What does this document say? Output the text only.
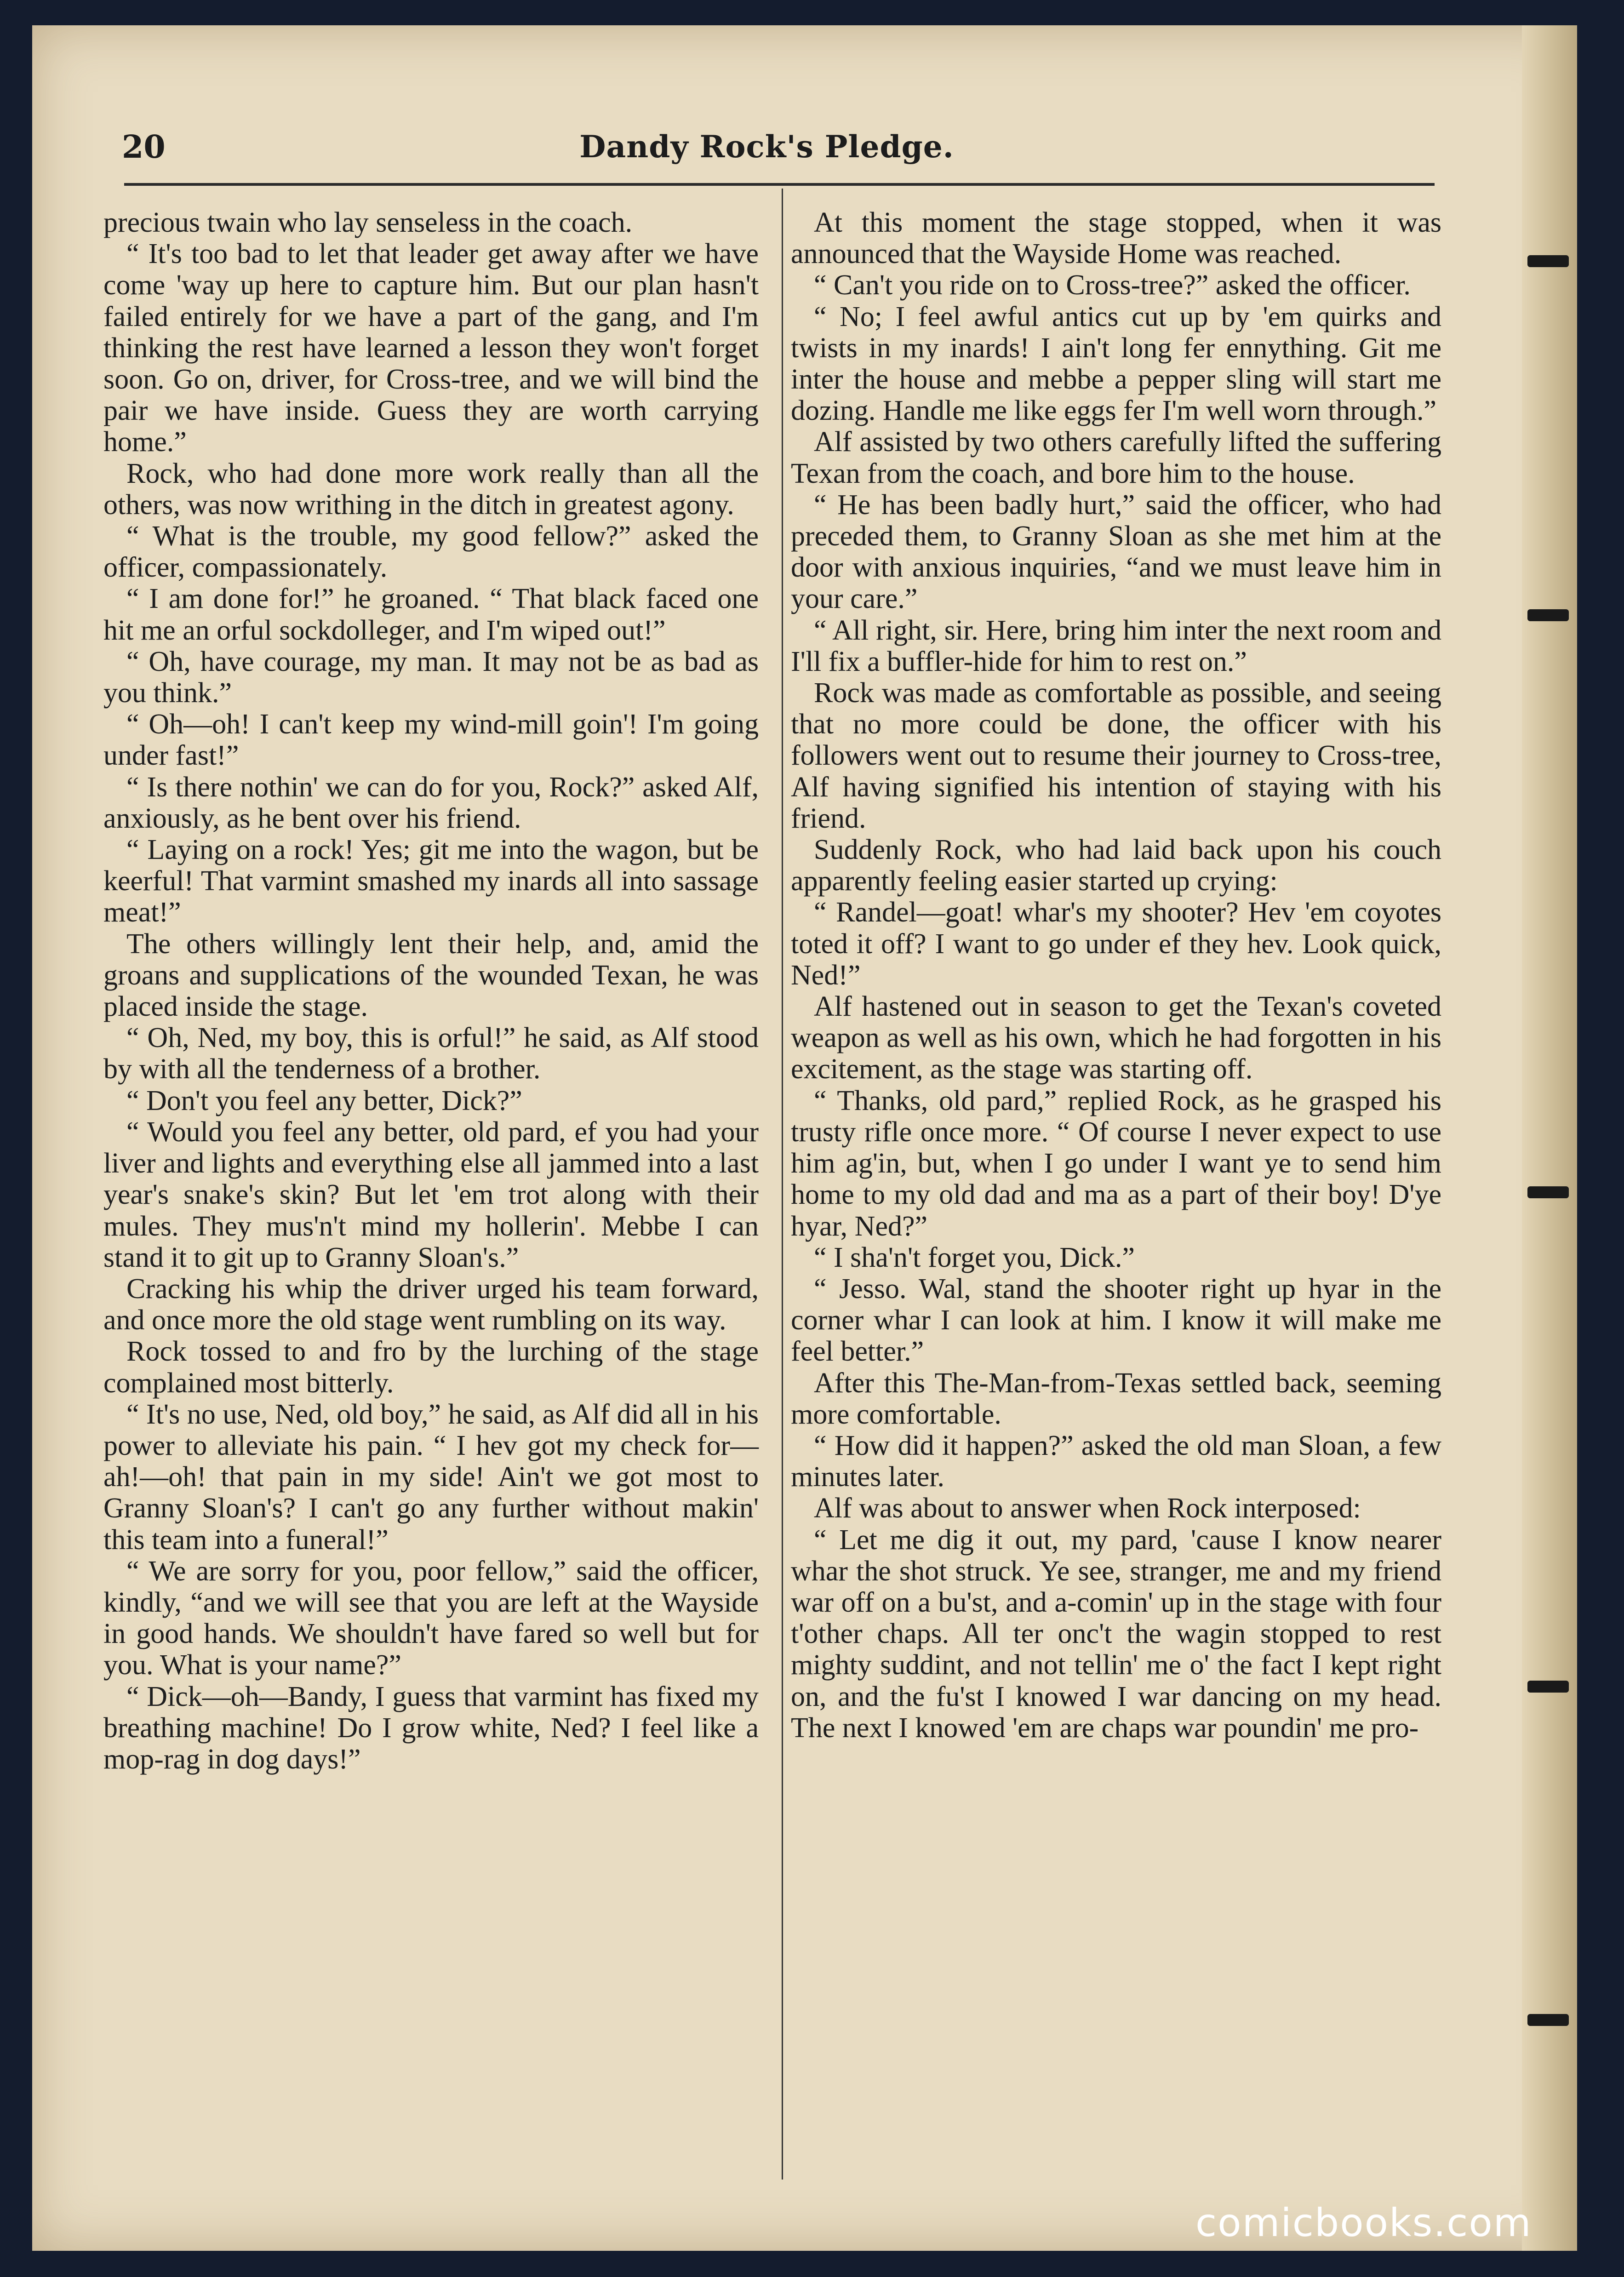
20	Dandy Rock's Pledge.

precious twain who lay senseless in the coach.

“ It's too bad to let that leader get away after we have come 'way up here to capture him. But our plan hasn't failed entirely for we have a part of the gang, and I'm thinking the rest have learned a lesson they won't forget soon. Go on, driver, for Cross-tree, and we will bind the pair we have inside. Guess they are worth carrying home.”

Rock, who had done more work really than all the others, was now writhing in the ditch in greatest agony.

“ What is the trouble, my good fellow?” asked the officer, compassionately.

“ I am done for!” he groaned. “ That black faced one hit me an orful sockdolleger, and I'm wiped out!”

“ Oh, have courage, my man. It may not be as bad as you think.”

“ Oh—oh! I can't keep my wind-mill goin'! I'm going under fast!”

“ Is there nothin' we can do for you, Rock?” asked Alf, anxiously, as he bent over his friend.

“ Laying on a rock! Yes; git me into the wagon, but be keerful! That varmint smashed my inards all into sassage meat!”

The others willingly lent their help, and, amid the groans and supplications of the wounded Texan, he was placed inside the stage.

“ Oh, Ned, my boy, this is orful!” he said, as Alf stood by with all the tenderness of a brother.

“ Don't you feel any better, Dick?”

“ Would you feel any better, old pard, ef you had your liver and lights and everything else all jammed into a last year's snake's skin? But let 'em trot along with their mules. They mus'n't mind my hollerin'. Mebbe I can stand it to git up to Granny Sloan's.”

Cracking his whip the driver urged his team forward, and once more the old stage went rumbling on its way.

Rock tossed to and fro by the lurching of the stage complained most bitterly.

“ It's no use, Ned, old boy,” he said, as Alf did all in his power to alleviate his pain. “ I hev got my check for—ah!—oh! that pain in my side! Ain't we got most to Granny Sloan's? I can't go any further without makin' this team into a funeral!”

“ We are sorry for you, poor fellow,” said the officer, kindly, “and we will see that you are left at the Wayside in good hands. We shouldn't have fared so well but for you. What is your name?”

“ Dick—oh—Bandy, I guess that varmint has fixed my breathing machine! Do I grow white, Ned? I feel like a mop-rag in dog days!”

At this moment the stage stopped, when it was announced that the Wayside Home was reached.

“ Can't you ride on to Cross-tree?” asked the officer.

“ No; I feel awful antics cut up by 'em quirks and twists in my inards! I ain't long fer ennything. Git me inter the house and mebbe a pepper sling will start me dozing. Handle me like eggs fer I'm well worn through.”

Alf assisted by two others carefully lifted the suffering Texan from the coach, and bore him to the house.

“ He has been badly hurt,” said the officer, who had preceded them, to Granny Sloan as she met him at the door with anxious inquiries, “and we must leave him in your care.”

“ All right, sir. Here, bring him inter the next room and I'll fix a buffler-hide for him to rest on.”

Rock was made as comfortable as possible, and seeing that no more could be done, the officer with his followers went out to resume their journey to Cross-tree, Alf having signified his intention of staying with his friend.

Suddenly Rock, who had laid back upon his couch apparently feeling easier started up crying:

“ Randel—goat! whar's my shooter? Hev 'em coyotes toted it off? I want to go under ef they hev. Look quick, Ned!”

Alf hastened out in season to get the Texan's coveted weapon as well as his own, which he had forgotten in his excitement, as the stage was starting off.

“ Thanks, old pard,” replied Rock, as he grasped his trusty rifle once more. “ Of course I never expect to use him ag'in, but, when I go under I want ye to send him home to my old dad and ma as a part of their boy! D'ye hyar, Ned?”

“ I sha'n't forget you, Dick.”

“ Jesso. Wal, stand the shooter right up hyar in the corner whar I can look at him. I know it will make me feel better.”

After this The-Man-from-Texas settled back, seeming more comfortable.

“ How did it happen?” asked the old man Sloan, a few minutes later.

Alf was about to answer when Rock interposed:

“ Let me dig it out, my pard, 'cause I know nearer whar the shot struck. Ye see, stranger, me and my friend war off on a bu'st, and a-comin' up in the stage with four t'other chaps. All ter onc't the wagin stopped to rest mighty suddint, and not tellin' me o' the fact I kept right on, and the fu'st I knowed I war dancing on my head. The next I knowed 'em are chaps war poundin' me pro-

comicbooks.com
